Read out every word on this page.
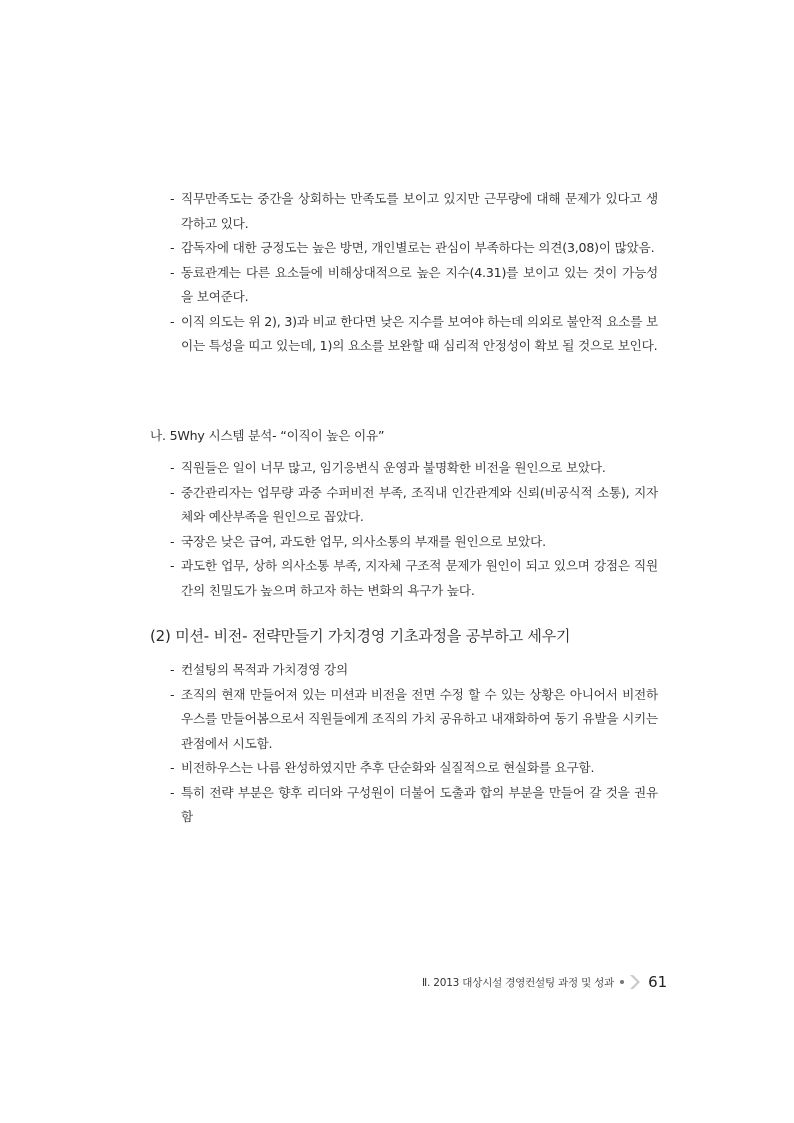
- 직무만족도는 중간을 상회하는 만족도를 보이고 있지만 근무량에 대해 문제가 있다고 생각하고 있다.
- 감독자에 대한 긍정도는 높은 방면, 개인별로는 관심이 부족하다는 의견(3,08)이 많았음.
- 동료관계는 다른 요소들에 비해상대적으로 높은 지수(4.31)를 보이고 있는 것이 가능성을 보여준다.
- 이직 의도는 위 2), 3)과 비교 한다면 낮은 지수를 보여야 하는데 의외로 불안적 요소를 보이는 특성을 띠고 있는데, 1)의 요소를 보완할 때 심리적 안정성이 확보 될 것으로 보인다.
나. 5Why 시스템 분석- “이직이 높은 이유”
- 직원들은 일이 너무 많고, 임기응변식 운영과 불명확한 비전을 원인으로 보았다.
- 중간관리자는 업무량 과중 수퍼비전 부족, 조직내 인간관계와 신뢰(비공식적 소통), 지자체와 예산부족을 원인으로 꼽았다.
- 국장은 낮은 급여, 과도한 업무, 의사소통의 부재를 원인으로 보았다.
- 과도한 업무, 상하 의사소통 부족, 지자체 구조적 문제가 원인이 되고 있으며 강점은 직원 간의 친밀도가 높으며 하고자 하는 변화의 욕구가 높다.
(2) 미션- 비전- 전략만들기 가치경영 기초과정을 공부하고 세우기
- 컨설팅의 목적과 가치경영 강의
- 조직의 현재 만들어져 있는 미션과 비전을 전면 수정 할 수 있는 상황은 아니어서 비전하우스를 만들어봄으로서 직원들에게 조직의 가치 공유하고 내재화하여 동기 유발을 시키는 관점에서 시도함.
- 비전하우스는 나름 완성하였지만 추후 단순화와 실질적으로 현실화를 요구함.
- 특히 전략 부분은 향후 리더와 구성원이 더불어 도출과 합의 부분을 만들어 갈 것을 권유함
Ⅱ. 2013 대상시설 경영컨설팅 과정 및 성과 61
